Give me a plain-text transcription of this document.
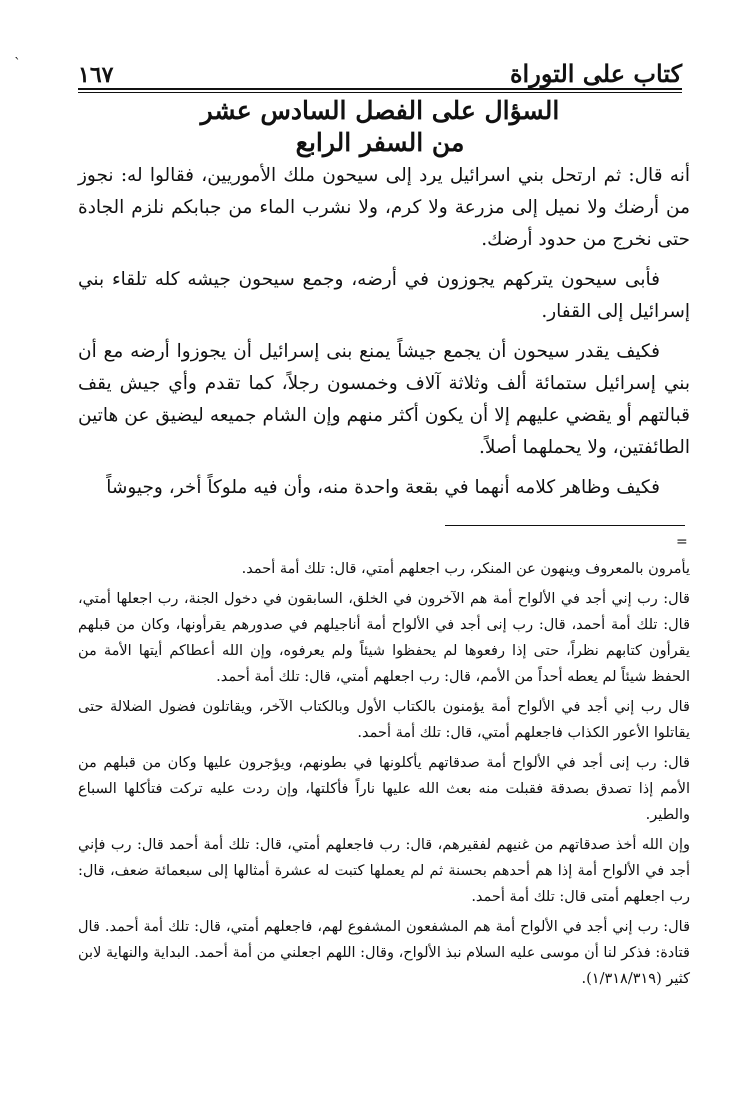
`	١٦٧	كتاب على التوراة
السؤال على الفصل السادس عشر
من السفر الرابع

أنه قال: ثم ارتحل بني اسرائيل يرد إلى سيحون ملك الأموريين، فقالوا له: نجوز من أرضك ولا نميل إلى مزرعة ولا كرم، ولا نشرب الماء من جبابكم نلزم الجادة حتى نخرج من حدود أرضك.

فأبى سيحون يتركهم يجوزون في أرضه، وجمع سيحون جيشه كله تلقاء بني إسرائيل إلى القفار.

فكيف يقدر سيحون أن يجمع جيشاً يمنع بنى إسرائيل أن يجوزوا أرضه مع أن بني إسرائيل ستمائة ألف وثلاثة آلاف وخمسون رجلاً، كما تقدم وأي جيش يقف قبالتهم أو يقضي عليهم إلا أن يكون أكثر منهم وإن الشام جميعه ليضيق عن هاتين الطائفتين، ولا يحملهما أصلاً.

فكيف وظاهر كلامه أنهما في بقعة واحدة منه، وأن فيه ملوكاً أخر، وجيوشاً

=

يأمرون بالمعروف وينهون عن المنكر، رب اجعلهم أمتي، قال: تلك أمة أحمد.

قال: رب إني أجد في الألواح أمة هم الآخرون في الخلق، السابقون في دخول الجنة، رب اجعلها أمتي، قال: تلك أمة أحمد، قال: رب إنى أجد في الألواح أمة أناجيلهم في صدورهم يقرأونها، وكان من قبلهم يقرأون كتابهم نظراً، حتى إذا رفعوها لم يحفظوا شيئاً ولم يعرفوه، وإن الله أعطاكم أيتها الأمة من الحفظ شيئاً لم يعطه أحداً من الأمم، قال: رب اجعلهم أمتي، قال: تلك أمة أحمد.

قال رب إني أجد في الألواح أمة يؤمنون بالكتاب الأول وبالكتاب الآخر، ويقاتلون فضول الضلالة حتى يقاتلوا الأعور الكذاب فاجعلهم أمتي، قال: تلك أمة أحمد.

قال: رب إنى أجد في الألواح أمة صدقاتهم يأكلونها في بطونهم، ويؤجرون عليها وكان من قبلهم من الأمم إذا تصدق بصدقة فقبلت منه بعث الله عليها ناراً فأكلتها، وإن ردت عليه تركت فتأكلها السباع والطير.

وإن الله أخذ صدقاتهم من غنيهم لفقيرهم، قال: رب فاجعلهم أمتي، قال: تلك أمة أحمد قال: رب فإني أجد في الألواح أمة إذا هم أحدهم بحسنة ثم لم يعملها كتبت له عشرة أمثالها إلى سبعمائة ضعف، قال: رب اجعلهم أمتى قال: تلك أمة أحمد.

قال: رب إني أجد في الألواح أمة هم المشفعون المشفوع لهم، فاجعلهم أمتي، قال: تلك أمة أحمد. قال قتادة: فذكر لنا أن موسى عليه السلام نبذ الألواح، وقال: اللهم اجعلني من أمة أحمد. البداية والنهاية لابن كثير (١/٣١٨/٣١٩).
